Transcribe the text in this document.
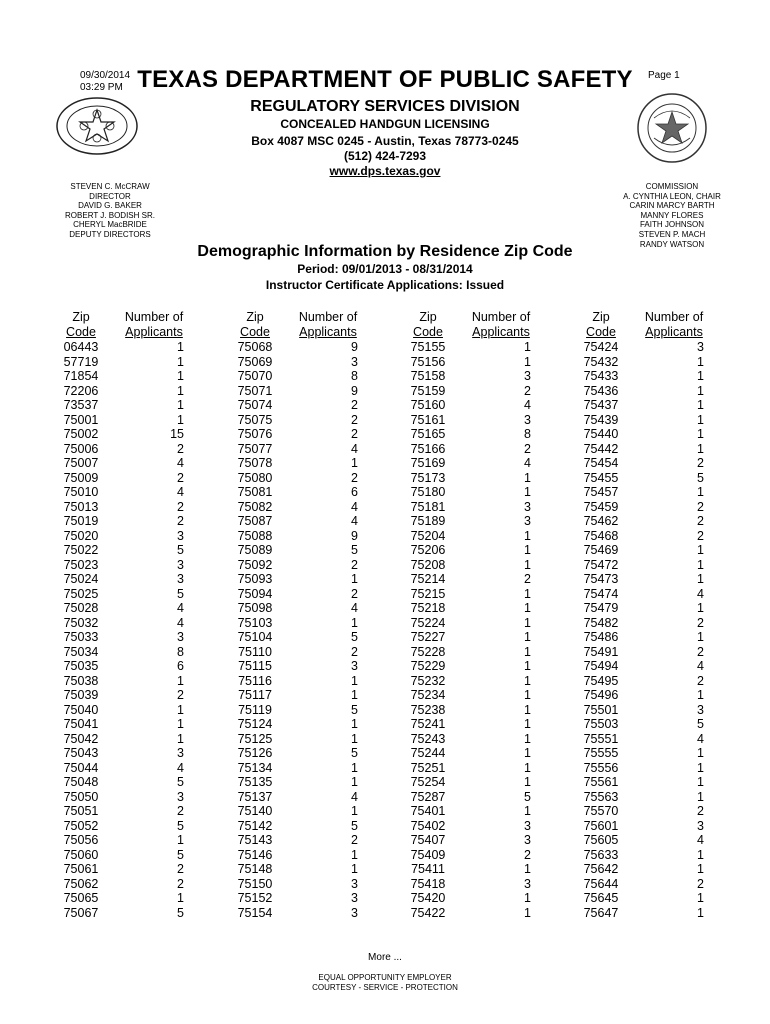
09/30/2014
03:29 PM TEXAS DEPARTMENT OF PUBLIC SAFETY	Page 1
REGULATORY SERVICES DIVISION
CONCEALED HANDGUN LICENSING
Box 4087 MSC 0245 - Austin, Texas 78773-0245
(512) 424-7293
www.dps.texas.gov
STEVEN C. McCRAW
DIRECTOR
DAVID G. BAKER
ROBERT J. BODISH SR.
CHERYL MacBRIDE
DEPUTY DIRECTORS
COMMISSION
A. CYNTHIA LEON, CHAIR
CARIN MARCY BARTH
MANNY FLORES
FAITH JOHNSON
STEVEN P. MACH
RANDY WATSON
Demographic Information by Residence Zip Code
Period: 09/01/2013 - 08/31/2014
Instructor Certificate Applications: Issued
Zip
Code
Number of
Applicants
06443	1
57719	1
71854	1
72206	1
73537	1
75001	1
75002	15
75006	2
75007	4
75009	2
75010	4
75013	2
75019	2
75020	3
75022	5
75023	3
75024	3
75025	5
75028	4
75032	4
75033	3
75034	8
75035	6
75038	1
75039	2
75040	1
75041	1
75042	1
75043	3
75044	4
75048	5
75050	3
75051	2
75052	5
75056	1
75060	5
75061	2
75062	2
75065	1
75067	5
Zip
Code
Number of
Applicants
75068	9
75069	3
75070	8
75071	9
75074	2
75075	2
75076	2
75077	4
75078	1
75080	2
75081	6
75082	4
75087	4
75088	9
75089	5
75092	2
75093	1
75094	2
75098	4
75103	1
75104	5
75110	2
75115	3
75116	1
75117	1
75119	5
75124	1
75125	1
75126	5
75134	1
75135	1
75137	4
75140	1
75142	5
75143	2
75146	1
75148	1
75150	3
75152	3
75154	3
Zip
Code
Number of
Applicants
75155	1
75156	1
75158	3
75159	2
75160	4
75161	3
75165	8
75166	2
75169	4
75173	1
75180	1
75181	3
75189	3
75204	1
75206	1
75208	1
75214	2
75215	1
75218	1
75224	1
75227	1
75228	1
75229	1
75232	1
75234	1
75238	1
75241	1
75243	1
75244	1
75251	1
75254	1
75287	5
75401	1
75402	3
75407	3
75409	2
75411	1
75418	3
75420	1
75422	1
Zip
Code
Number of
Applicants
75424	3
75432	1
75433	1
75436	1
75437	1
75439	1
75440	1
75442	1
75454	2
75455	5
75457	1
75459	2
75462	2
75468	2
75469	1
75472	1
75473	1
75474	4
75479	1
75482	2
75486	1
75491	2
75494	4
75495	2
75496	1
75501	3
75503	5
75551	4
75555	1
75556	1
75561	1
75563	1
75570	2
75601	3
75605	4
75633	1
75642	1
75644	2
75645	1
75647	1
More ...
EQUAL OPPORTUNITY EMPLOYER
COURTESY - SERVICE - PROTECTION
